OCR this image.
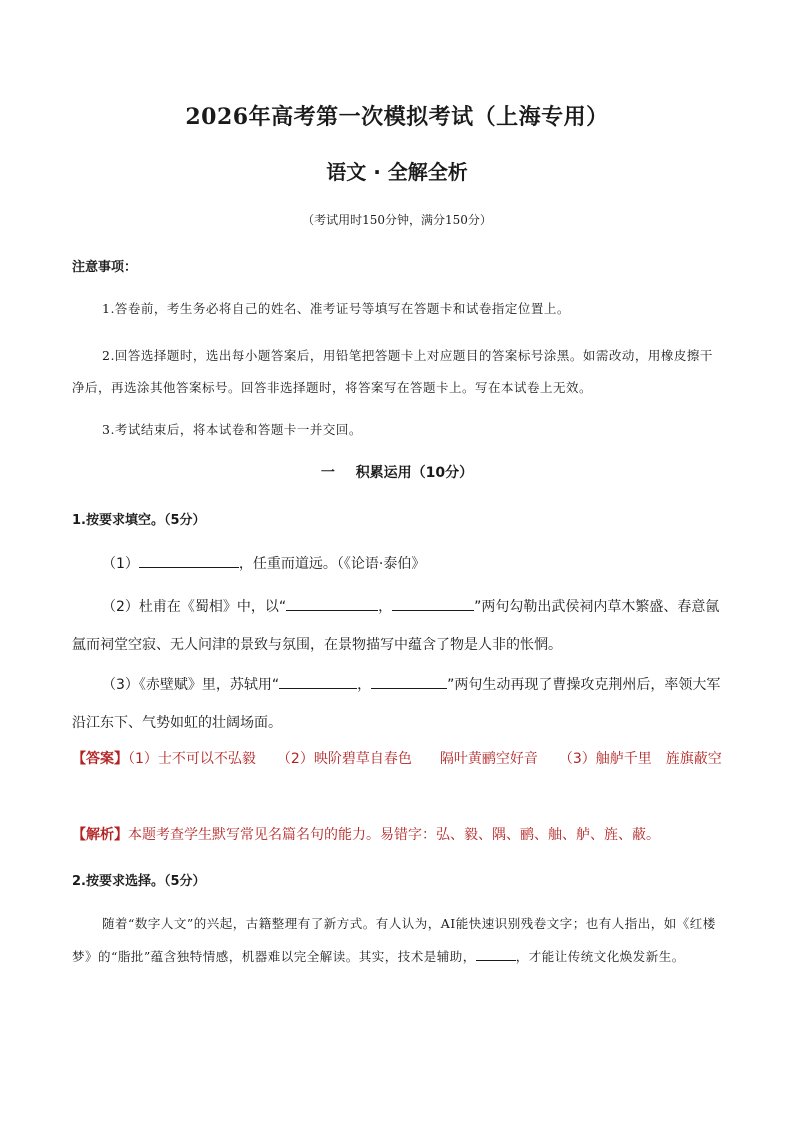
2026年高考第一次模拟考试（上海专用）
语文 · 全解全析
（考试用时150分钟，满分150分）
注意事项：
1.答卷前，考生务必将自己的姓名、准考证号等填写在答题卡和试卷指定位置上。
2.回答选择题时，选出每小题答案后，用铅笔把答题卡上对应题目的答案标号涂黑。如需改动，用橡皮擦干净后，再选涂其他答案标号。回答非选择题时，将答案写在答题卡上。写在本试卷上无效。
3.考试结束后，将本试卷和答题卡一并交回。
一 积累运用（10分）
1.按要求填空。（5分）
（1）	，任重而道远。（《论语·泰伯》
（2）杜甫在《蜀相》中，以“	，	”两句勾勒出武侯祠内草木繁盛、春意氤氲而祠堂空寂、无人问津的景致与氛围，在景物描写中蕴含了物是人非的怅惘。
（3）《赤壁赋》里，苏轼用“	，	”两句生动再现了曹操攻克荆州后，率领大军沿江东下、气势如虹的壮阔场面。
【答案】（1）士不可以不弘毅　　（2）映阶碧草自春色　　隔叶黄鹂空好音　　（3）舳舻千里　旌旗蔽空
【解析】本题考查学生默写常见名篇名句的能力。易错字：弘、毅、隅、鹂、舳、舻、旌、蔽。
2.按要求选择。（5分）
随着“数字人文”的兴起，古籍整理有了新方式。有人认为，AI能快速识别残卷文字；也有人指出，如《红楼梦》的“脂批”蕴含独特情感，机器难以完全解读。其实，技术是辅助，	，才能让传统文化焕发新生。
